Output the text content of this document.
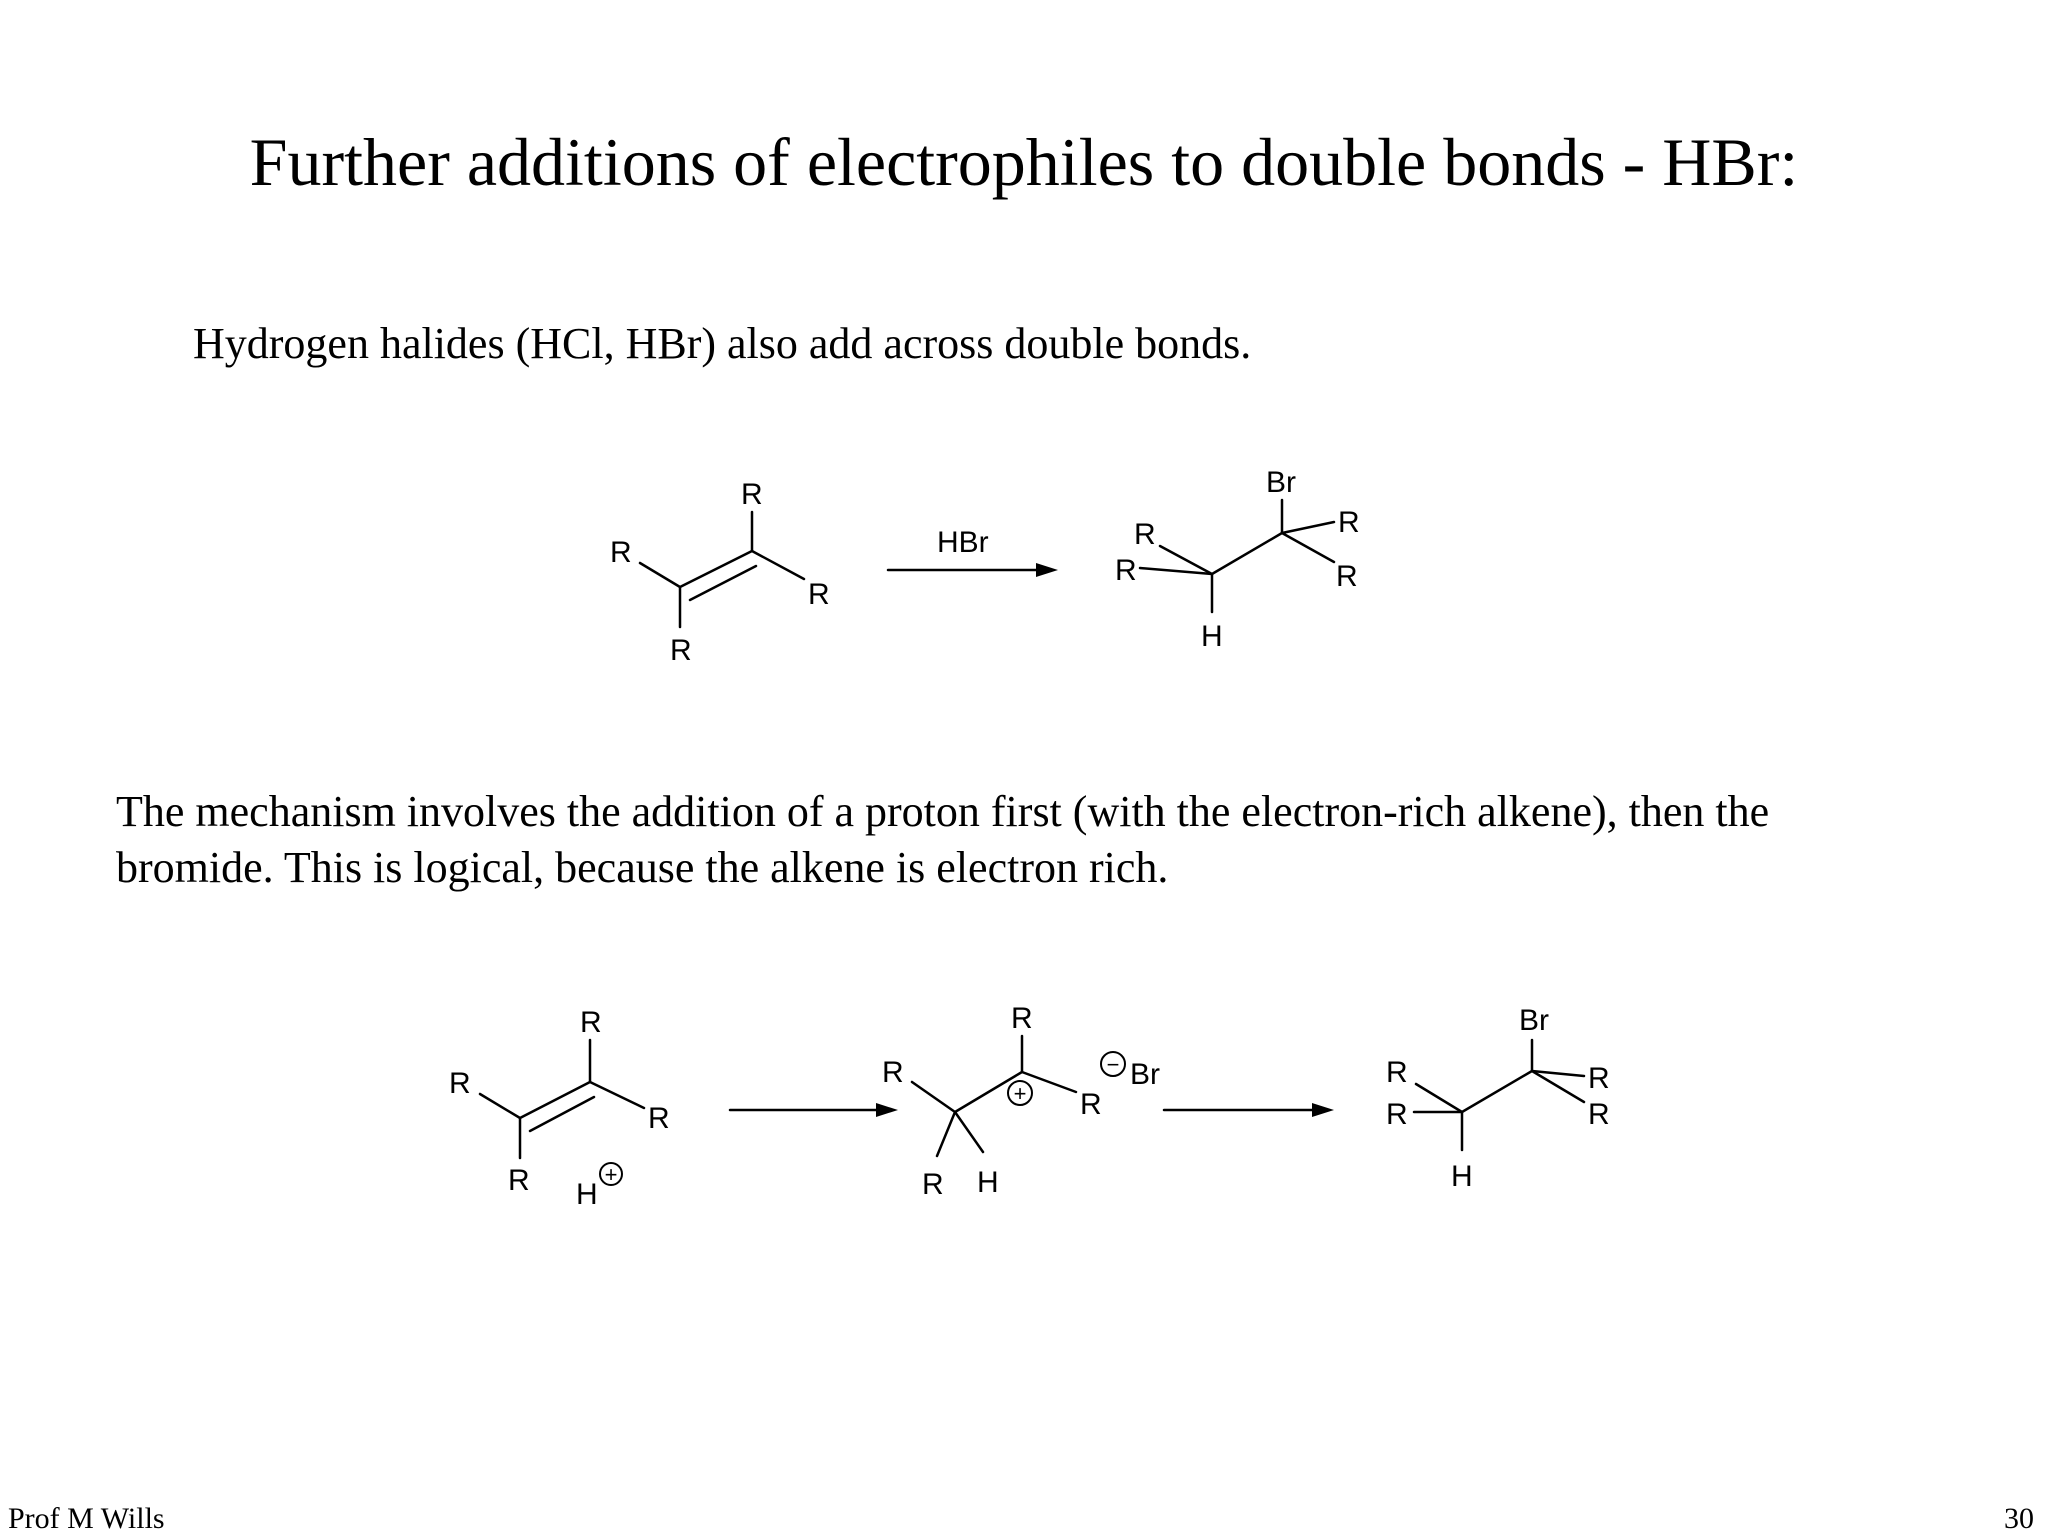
Further additions of electrophiles to double bonds - HBr:
Hydrogen halides (HCl, HBr) also add across double bonds.
The mechanism involves the addition of a proton first (with the electron-rich alkene), then the
bromide. This is logical, because the alkene is electron rich.
R
R
R
R
HBr
Br
R
R
H
R
R
R
R
R
R H
+
R
R
R
R H
+
− Br
Br
R
R
H
R
R
Prof M Wills	30
